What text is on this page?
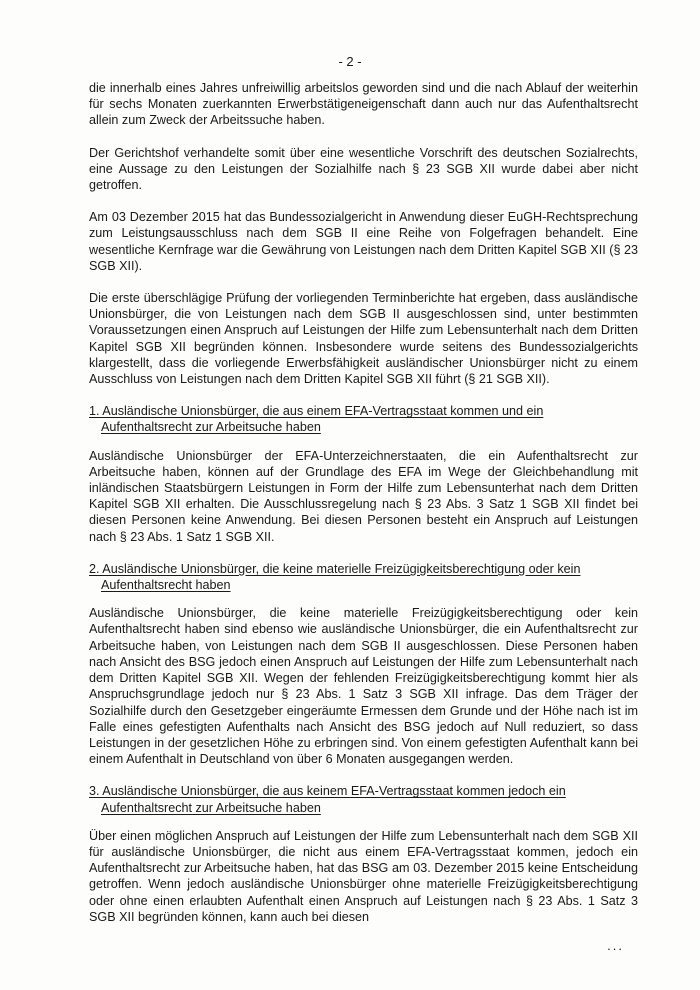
- 2 -

die innerhalb eines Jahres unfreiwillig arbeitslos geworden sind und die nach Ablauf der weiterhin für sechs Monaten zuerkannten Erwerbstätigeneigenschaft dann auch nur das Aufenthaltsrecht allein zum Zweck der Arbeitssuche haben.

Der Gerichtshof verhandelte somit über eine wesentliche Vorschrift des deutschen Sozialrechts, eine Aussage zu den Leistungen der Sozialhilfe nach § 23 SGB XII wurde dabei aber nicht getroffen.

Am 03 Dezember 2015 hat das Bundessozialgericht in Anwendung dieser EuGH-Rechtsprechung zum Leistungsausschluss nach dem SGB II eine Reihe von Folgefragen behandelt. Eine wesentliche Kernfrage war die Gewährung von Leistungen nach dem Dritten Kapitel SGB XII (§ 23 SGB XII).

Die erste überschlägige Prüfung der vorliegenden Terminberichte hat ergeben, dass ausländische Unionsbürger, die von Leistungen nach dem SGB II ausgeschlossen sind, unter bestimmten Voraussetzungen einen Anspruch auf Leistungen der Hilfe zum Lebensunterhalt nach dem Dritten Kapitel SGB XII begründen können. Insbesondere wurde seitens des Bundessozialgerichts klargestellt, dass die vorliegende Erwerbsfähigkeit ausländischer Unionsbürger nicht zu einem Ausschluss von Leistungen nach dem Dritten Kapitel SGB XII führt (§ 21 SGB XII).

1. Ausländische Unionsbürger, die aus einem EFA-Vertragsstaat kommen und ein
Aufenthaltsrecht zur Arbeitsuche haben

Ausländische Unionsbürger der EFA-Unterzeichnerstaaten, die ein Aufenthaltsrecht zur Arbeitsuche haben, können auf der Grundlage des EFA im Wege der Gleichbehandlung mit inländischen Staatsbürgern Leistungen in Form der Hilfe zum Lebensunterhat nach dem Dritten Kapitel SGB XII erhalten. Die Ausschlussregelung nach § 23 Abs. 3 Satz 1 SGB XII findet bei diesen Personen keine Anwendung. Bei diesen Personen besteht ein Anspruch auf Leistungen nach § 23 Abs. 1 Satz 1 SGB XII.

2. Ausländische Unionsbürger, die keine materielle Freizügigkeitsberechtigung oder kein
Aufenthaltsrecht haben

Ausländische Unionsbürger, die keine materielle Freizügigkeitsberechtigung oder kein Aufenthaltsrecht haben sind ebenso wie ausländische Unionsbürger, die ein Aufenthaltsrecht zur Arbeitsuche haben, von Leistungen nach dem SGB II ausgeschlossen. Diese Personen haben nach Ansicht des BSG jedoch einen Anspruch auf Leistungen der Hilfe zum Lebensunterhalt nach dem Dritten Kapitel SGB XII. Wegen der fehlenden Freizügigkeitsberechtigung kommt hier als Anspruchsgrundlage jedoch nur § 23 Abs. 1 Satz 3 SGB XII infrage. Das dem Träger der Sozialhilfe durch den Gesetzgeber eingeräumte Ermessen dem Grunde und der Höhe nach ist im Falle eines gefestigten Aufenthalts nach Ansicht des BSG jedoch auf Null reduziert, so dass Leistungen in der gesetzlichen Höhe zu erbringen sind. Von einem gefestigten Aufenthalt kann bei einem Aufenthalt in Deutschland von über 6 Monaten ausgegangen werden.

3. Ausländische Unionsbürger, die aus keinem EFA-Vertragsstaat kommen jedoch ein
Aufenthaltsrecht zur Arbeitsuche haben

Über einen möglichen Anspruch auf Leistungen der Hilfe zum Lebensunterhalt nach dem SGB XII für ausländische Unionsbürger, die nicht aus einem EFA-Vertragsstaat kommen, jedoch ein Aufenthaltsrecht zur Arbeitsuche haben, hat das BSG am 03. Dezember 2015 keine Entscheidung getroffen. Wenn jedoch ausländische Unionsbürger ohne materielle Freizügigkeitsberechtigung oder ohne einen erlaubten Aufenthalt einen Anspruch auf Leistungen nach § 23 Abs. 1 Satz 3 SGB XII begründen können, kann auch bei diesen

...
